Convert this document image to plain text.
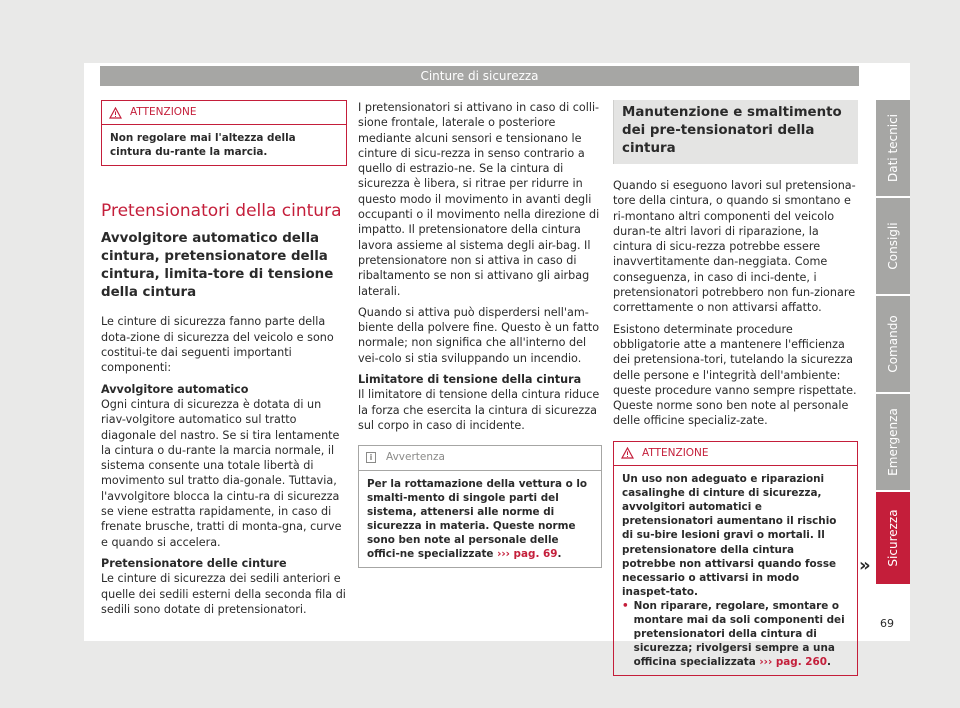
Cinture di sicurezza
ATTENZIONE
Non regolare mai l'altezza della cintura du-rante la marcia.
Pretensionatori della cintura
Avvolgitore automatico della cintura, pretensionatore della cintura, limita-tore di tensione della cintura

Le cinture di sicurezza fanno parte della dota-zione di sicurezza del veicolo e sono costitui-te dai seguenti importanti componenti:

Avvolgitore automatico
Ogni cintura di sicurezza è dotata di un riav-volgitore automatico sul tratto diagonale del nastro. Se si tira lentamente la cintura o du-rante la marcia normale, il sistema consente una totale libertà di movimento sul tratto dia-gonale. Tuttavia, l'avvolgitore blocca la cintu-ra di sicurezza se viene estratta rapidamente, in caso di frenate brusche, tratti di monta-gna, curve e quando si accelera.

Pretensionatore delle cinture
Le cinture di sicurezza dei sedili anteriori e quelle dei sedili esterni della seconda fila di sedili sono dotate di pretensionatori.

I pretensionatori si attivano in caso di colli-sione frontale, laterale o posteriore mediante alcuni sensori e tensionano le cinture di sicu-rezza in senso contrario a quello di estrazio-ne. Se la cintura di sicurezza è libera, si ritrae per ridurre in questo modo il movimento in avanti degli occupanti o il movimento nella direzione di impatto. Il pretensionatore della cintura lavora assieme al sistema degli air-bag. Il pretensionatore non si attiva in caso di ribaltamento se non si attivano gli airbag laterali.

Quando si attiva può disperdersi nell'am-biente della polvere fine. Questo è un fatto normale; non significa che all'interno del vei-colo si stia sviluppando un incendio.

Limitatore di tensione della cintura
Il limitatore di tensione della cintura riduce la forza che esercita la cintura di sicurezza sul corpo in caso di incidente.

i	Avvertenza
Per la rottamazione della vettura o lo smalti-mento di singole parti del sistema, attenersi alle norme di sicurezza in materia. Queste norme sono ben note al personale delle offici-ne specializzate ››› pag. 69.
Manutenzione e smaltimento dei pre-tensionatori della cintura

Quando si eseguono lavori sul pretensiona-tore della cintura, o quando si smontano e ri-montano altri componenti del veicolo duran-te altri lavori di riparazione, la cintura di sicu-rezza potrebbe essere inavvertitamente dan-neggiata. Come conseguenza, in caso di inci-dente, i pretensionatori potrebbero non fun-zionare correttamente o non attivarsi affatto.

Esistono determinate procedure obbligatorie atte a mantenere l'efficienza dei pretensiona-tori, tutelando la sicurezza delle persone e l'integrità dell'ambiente: queste procedure vanno sempre rispettate. Queste norme sono ben note al personale delle officine specializ-zate.

ATTENZIONE
Un uso non adeguato e riparazioni casalinghe di cinture di sicurezza, avvolgitori automatici e pretensionatori aumentano il rischio di su-bire lesioni gravi o mortali. Il pretensionatore della cintura potrebbe non attivarsi quando fosse necessario o attivarsi in modo inaspet-tato.
• Non riparare, regolare, smontare o montare mai da soli componenti dei pretensionatori della cintura di sicurezza; rivolgersi sempre a una officina specializzata ››› pag. 260.
Dati tecnici
Consigli
Comando
Emergenza
Sicurezza
»
69
